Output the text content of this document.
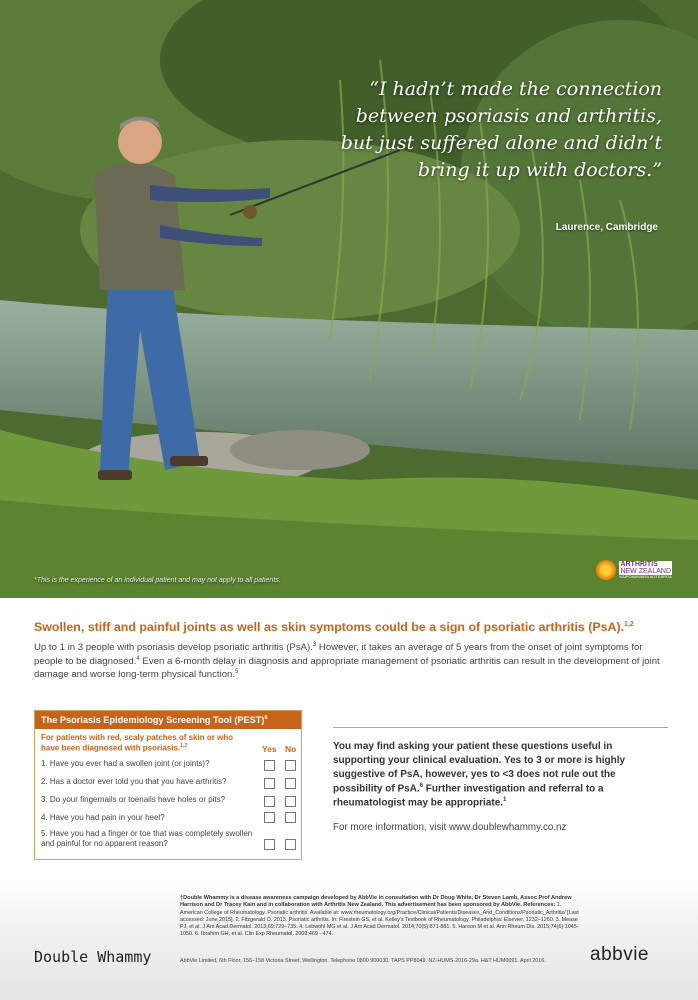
“I hadn’t made the connection between psoriasis and arthritis, but just suffered alone and didn’t bring it up with doctors.”
Laurence, Cambridge
*This is the experience of an individual patient and may not apply to all patients.
ARTHRITIS
NEW ZEALAND
KAIPONAWARA AOTEAROA
Swollen, stiff and painful joints as well as skin symptoms could be a sign of psoriatic arthritis (PsA).$^{1,2}$
Up to 1 in 3 people with psoriasis develop psoriatic arthritis (PsA).$^3$ However, it takes an average of 5 years from the onset of joint symptoms for people to be diagnosed.$^4$ Even a 6-month delay in diagnosis and appropriate management of psoriatic arthritis can result in the development of joint damage and worse long-term physical function.$^5$
The Psoriasis Epidemiology Screening Tool (PEST)$^6$
For patients with red, scaly patches of skin or who have been diagnosed with psoriasis.$^{1,2}$	Yes No
1. Have you ever had a swollen joint (or joints)?
2. Has a doctor ever told you that you have arthritis?
3. Do your fingernails or toenails have holes or pits?
4. Have you had pain in your heel?
5. Have you had a finger or toe that was completely swollen and painful for no apparent reason?
You may find asking your patient these questions useful in supporting your clinical evaluation. Yes to 3 or more is highly suggestive of PsA, however, yes to <3 does not rule out the possibility of PsA.$^6$ Further investigation and referral to a rheumatologist may be appropriate.$^1$
For more information, visit www.doublewhammy.co.nz
Double Whammy
†Double Whammy is a disease awareness campaign developed by AbbVie in consultation with Dr Doug White, Dr Steven Lamb, Assoc Prof Andrew Harrison and Dr Tracey Kain and in collaboration with Arthritis New Zealand. This advertisement has been sponsored by AbbVie. References: 1. American College of Rheumatology. Psoriatic arthritis. Available at: www.rheumatology.org/Practice/Clinical/Patients/Diseases_And_Conditions/Psoriatic_Arthritis/ [Last accessed: June 2015]. 2. Fitzgerald O. 2013. Psoriatic arthritis. In: Firestein GS, et al. Kelley's Textbook of Rheumatology. Philadelphia: Elsevier, 1232–1260. 3. Mease PJ, et al. J Am Acad Dermatol. 2013;69:729–735. 4. Lebwohl MG et al. J Am Acad Dermatol. 2014;70(5):871-881. 5. Haroon M et al. Ann Rheum Dis. 2015;74(6):1045-1050. 6. Ibrahim GH, et al. Clin Exp Rheumatol. 2009;469 - 474.
AbbVie Limited, 6th Floor, 156–158 Victoria Street, Wellington. Telephone 0800 900030. TAPS PP8049. NZ-HUMS-2016-29a. H&T HUM0091. April 2016.	abbvie
